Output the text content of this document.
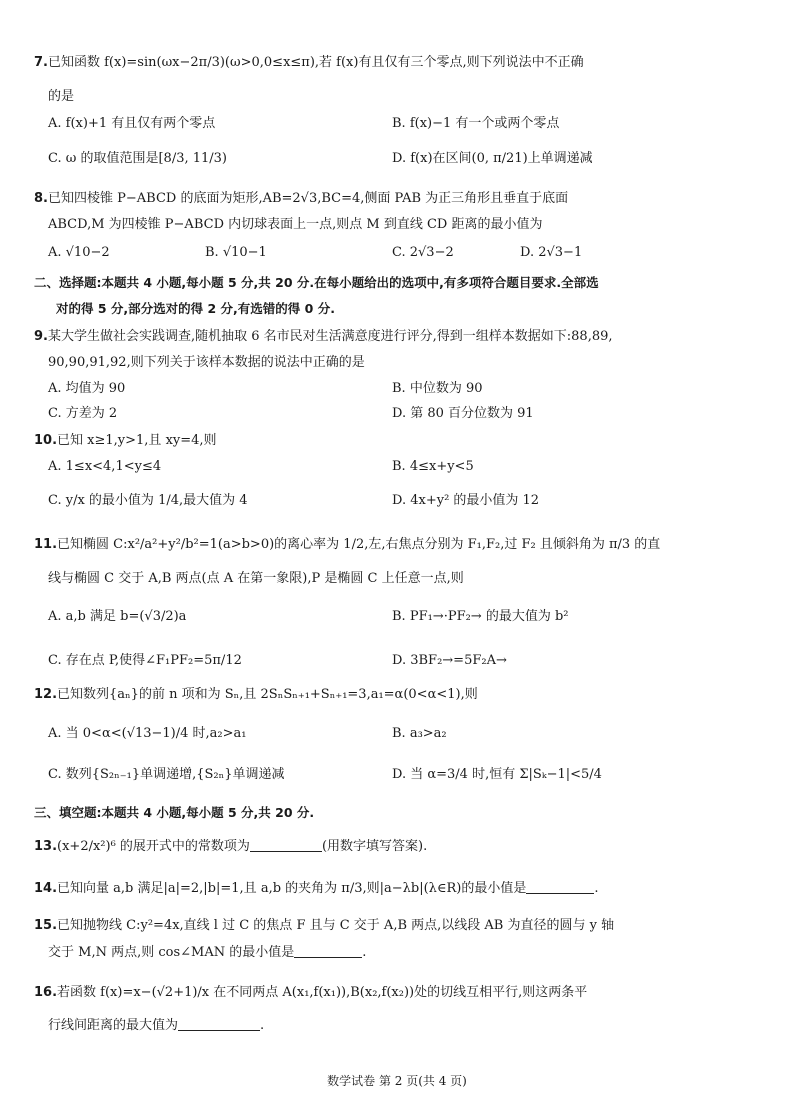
7.已知函数 f(x)=sin(ωx−2π/3)(ω>0,0≤x≤π),若 f(x)有且仅有三个零点,则下列说法中不正确
的是
A. f(x)+1 有且仅有两个零点	B. f(x)−1 有一个或两个零点
C. ω 的取值范围是[8/3, 11/3)	D. f(x)在区间(0, π/21)上单调递减
8.已知四棱锥 P−ABCD 的底面为矩形,AB=2√3,BC=4,侧面 PAB 为正三角形且垂直于底面
ABCD,M 为四棱锥 P−ABCD 内切球表面上一点,则点 M 到直线 CD 距离的最小值为
A. √10−2	B. √10−1	C. 2√3−2	D. 2√3−1
二、选择题:本题共 4 小题,每小题 5 分,共 20 分.在每小题给出的选项中,有多项符合题目要求.全部选
对的得 5 分,部分选对的得 2 分,有选错的得 0 分.
9.某大学生做社会实践调查,随机抽取 6 名市民对生活满意度进行评分,得到一组样本数据如下:88,89,
90,90,91,92,则下列关于该样本数据的说法中正确的是
A. 均值为 90	B. 中位数为 90
C. 方差为 2	D. 第 80 百分位数为 91
10.已知 x≥1,y>1,且 xy=4,则
A. 1≤x<4,1<y≤4	B. 4≤x+y<5
C. y/x 的最小值为 1/4,最大值为 4	D. 4x+y² 的最小值为 12
11.已知椭圆 C:x²/a²+y²/b²=1(a>b>0)的离心率为 1/2,左,右焦点分别为 F₁,F₂,过 F₂ 且倾斜角为 π/3 的直
线与椭圆 C 交于 A,B 两点(点 A 在第一象限),P 是椭圆 C 上任意一点,则
A. a,b 满足 b=(√3/2)a	B. PF₁→·PF₂→ 的最大值为 b²
C. 存在点 P,使得∠F₁PF₂=5π/12	D. 3BF₂→=5F₂A→
12.已知数列{aₙ}的前 n 项和为 Sₙ,且 2SₙSₙ₊₁+Sₙ₊₁=3,a₁=α(0<α<1),则
A. 当 0<α<(√13−1)/4 时,a₂>a₁	B. a₃>a₂
C. 数列{S₂ₙ₋₁}单调递增,{S₂ₙ}单调递减	D. 当 α=3/4 时,恒有 Σ|Sₖ−1|<5/4
三、填空题:本题共 4 小题,每小题 5 分,共 20 分.
13.(x+2/x²)⁶ 的展开式中的常数项为	(用数字填写答案).
14.已知向量 a,b 满足|a|=2,|b|=1,且 a,b 的夹角为 π/3,则|a−λb|(λ∈R)的最小值是	.
15.已知抛物线 C:y²=4x,直线 l 过 C 的焦点 F 且与 C 交于 A,B 两点,以线段 AB 为直径的圆与 y 轴
交于 M,N 两点,则 cos∠MAN 的最小值是	.
16.若函数 f(x)=x−(√2+1)/x 在不同两点 A(x₁,f(x₁)),B(x₂,f(x₂))处的切线互相平行,则这两条平
行线间距离的最大值为	.
数学试卷 第 2 页(共 4 页)
